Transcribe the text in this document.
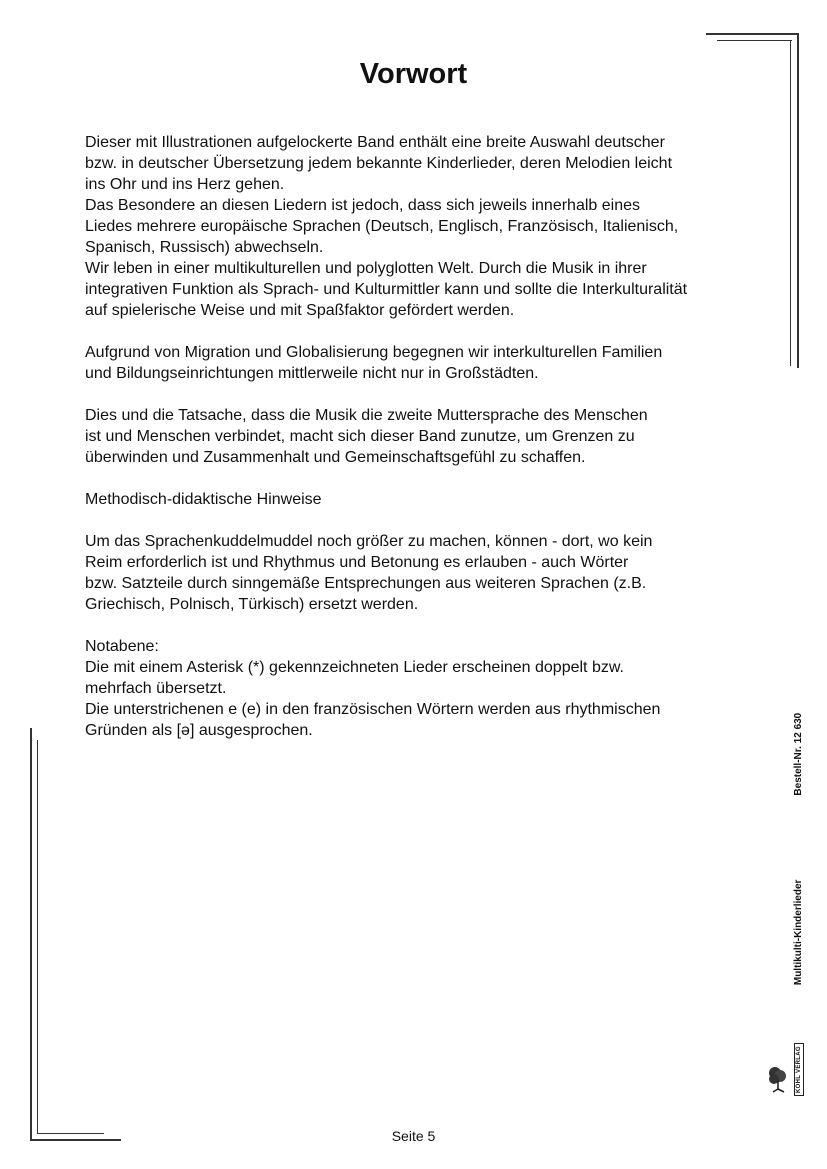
Vorwort

Dieser mit Illustrationen aufgelockerte Band enthält eine breite Auswahl deutscher
bzw. in deutscher Übersetzung jedem bekannte Kinderlieder, deren Melodien leicht
ins Ohr und ins Herz gehen.
Das Besondere an diesen Liedern ist jedoch, dass sich jeweils innerhalb eines
Liedes mehrere europäische Sprachen (Deutsch, Englisch, Französisch, Italienisch,
Spanisch, Russisch) abwechseln.
Wir leben in einer multikulturellen und polyglotten Welt. Durch die Musik in ihrer
integrativen Funktion als Sprach- und Kulturmittler kann und sollte die Interkulturalität
auf spielerische Weise und mit Spaßfaktor gefördert werden.

Aufgrund von Migration und Globalisierung begegnen wir interkulturellen Familien
und Bildungseinrichtungen mittlerweile nicht nur in Großstädten.

Dies und die Tatsache, dass die Musik die zweite Muttersprache des Menschen
ist und Menschen verbindet, macht sich dieser Band zunutze, um Grenzen zu
überwinden und Zusammenhalt und Gemeinschaftsgefühl zu schaffen.

Methodisch-didaktische Hinweise

Um das Sprachenkuddelmuddel noch größer zu machen, können - dort, wo kein
Reim erforderlich ist und Rhythmus und Betonung es erlauben - auch Wörter
bzw. Satzteile durch sinngemäße Entsprechungen aus weiteren Sprachen (z.B.
Griechisch, Polnisch, Türkisch) ersetzt werden.

Notabene:
Die mit einem Asterisk (*) gekennzeichneten Lieder erscheinen doppelt bzw.
mehrfach übersetzt.
Die unterstrichenen e (e) in den französischen Wörtern werden aus rhythmischen
Gründen als [ə] ausgesprochen.

KOHL VERLAG
Multikulti-Kinderlieder
Bestell-Nr. 12 630
Seite 5
